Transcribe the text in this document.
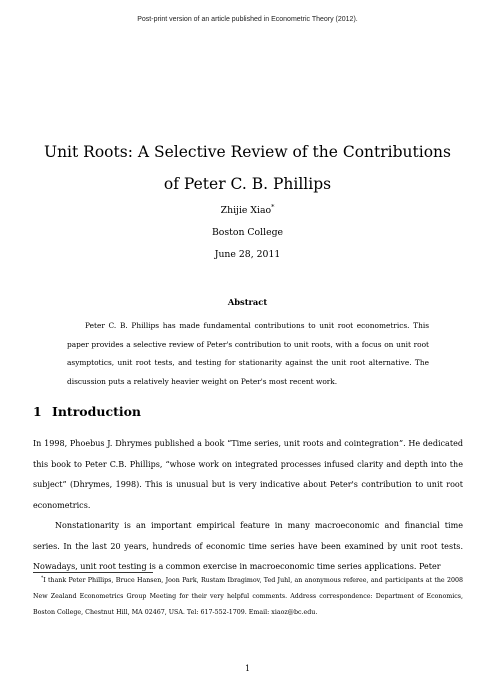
Post-print version of an article published in Econometric Theory (2012).
Unit Roots: A Selective Review of the Contributions of Peter C. B. Phillips
Zhijie Xiao*
Boston College
June 28, 2011
Abstract
Peter C. B. Phillips has made fundamental contributions to unit root econometrics. This paper provides a selective review of Peter's contribution to unit roots, with a focus on unit root asymptotics, unit root tests, and testing for stationarity against the unit root alternative. The discussion puts a relatively heavier weight on Peter's most recent work.
1 Introduction
In 1998, Phoebus J. Dhrymes published a book “Time series, unit roots and cointegration”. He dedicated this book to Peter C.B. Phillips, “whose work on integrated processes infused clarity and depth into the subject” (Dhrymes, 1998). This is unusual but is very indicative about Peter's contribution to unit root econometrics.
Nonstationarity is an important empirical feature in many macroeconomic and financial time series. In the last 20 years, hundreds of economic time series have been examined by unit root tests. Nowadays, unit root testing is a common exercise in macroeconomic time series applications. Peter
*I thank Peter Phillips, Bruce Hansen, Joon Park, Rustam Ibragimov, Ted Juhl, an anonymous referee, and participants at the 2008 New Zealand Econometrics Group Meeting for their very helpful comments. Address correspondence: Department of Economics, Boston College, Chestnut Hill, MA 02467, USA. Tel: 617-552-1709. Email: xiaoz@bc.edu.
1
